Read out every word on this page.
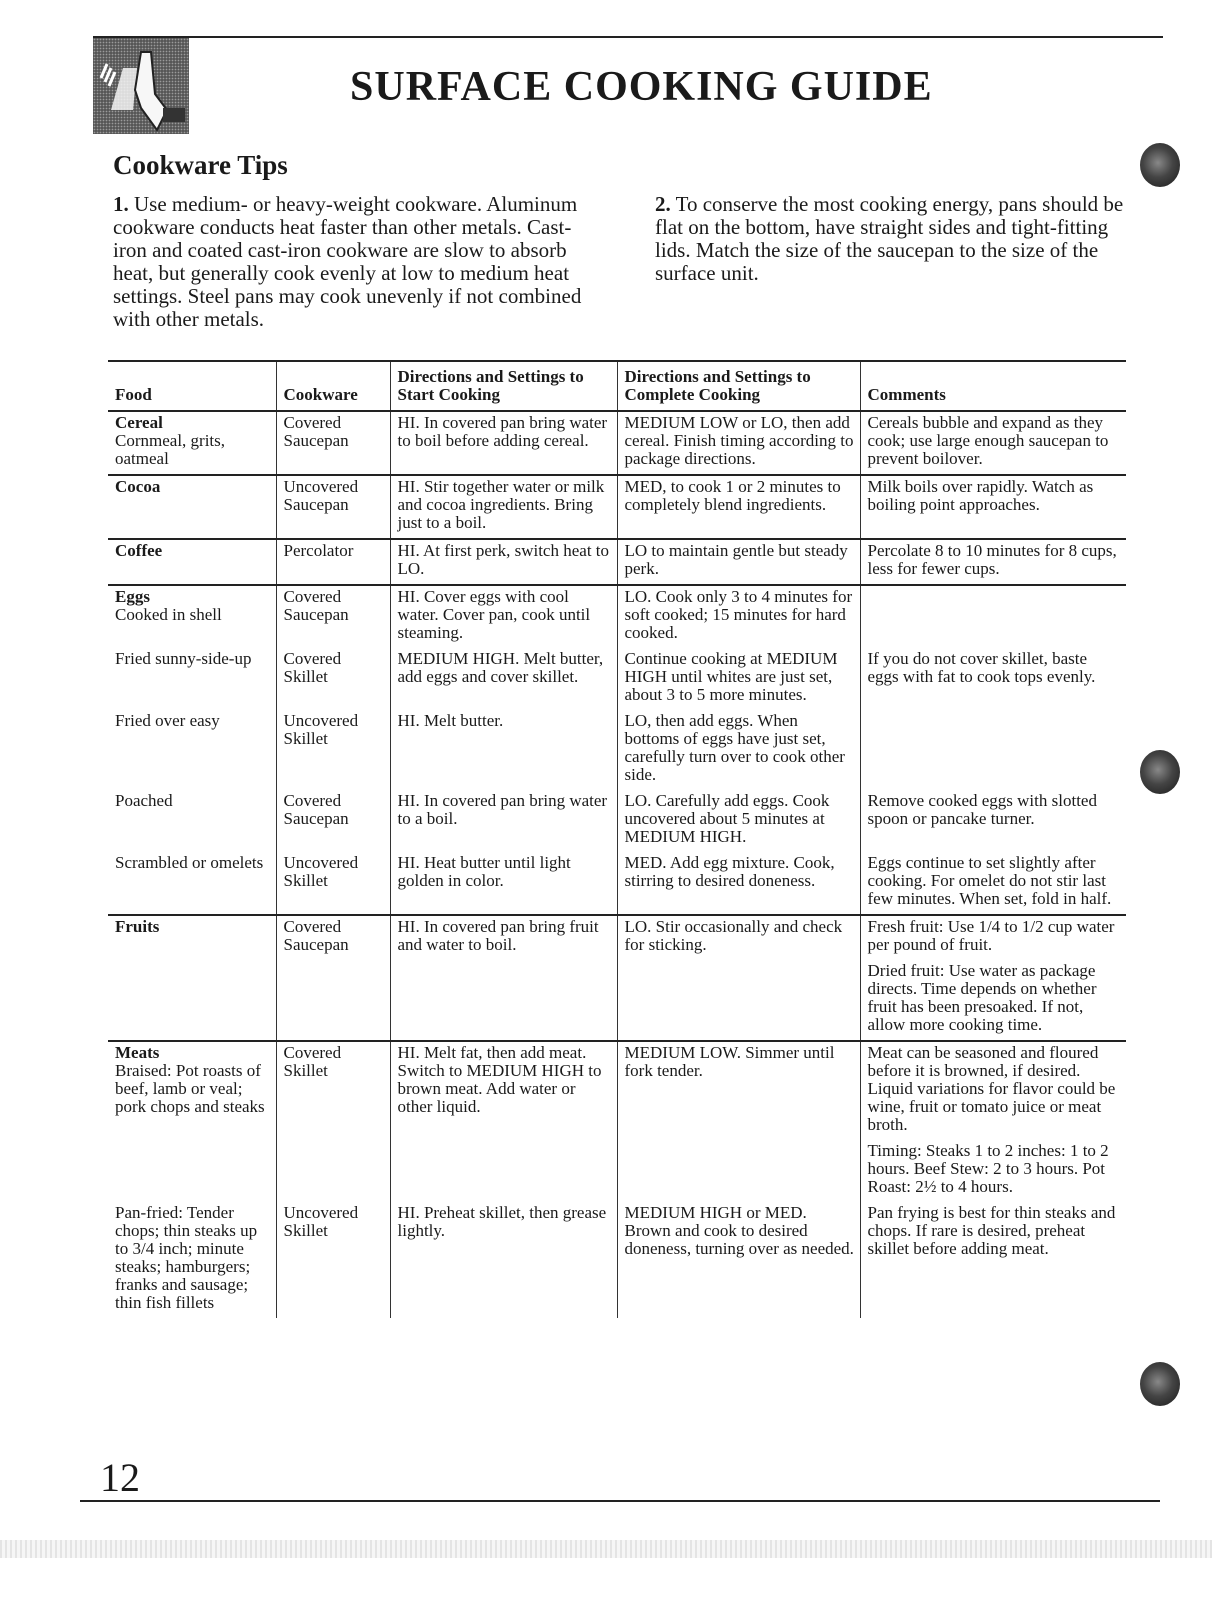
SURFACE COOKING GUIDE
Cookware Tips

1. Use medium- or heavy-weight cookware. Aluminum cookware conducts heat faster than other metals. Cast-iron and coated cast-iron cookware are slow to absorb heat, but generally cook evenly at low to medium heat settings. Steel pans may cook unevenly if not combined with other metals.

2. To conserve the most cooking energy, pans should be flat on the bottom, have straight sides and tight-fitting lids. Match the size of the saucepan to the size of the surface unit.

Food	Cookware	Directions and Settings to Start Cooking	Directions and Settings to Complete Cooking	Comments

Cereal
Cornmeal, grits, oatmeal	Covered Saucepan	HI. In covered pan bring water to boil before adding cereal.	MEDIUM LOW or LO, then add cereal. Finish timing according to package directions.	Cereals bubble and expand as they cook; use large enough saucepan to prevent boilover.

Cocoa	Uncovered Saucepan	HI. Stir together water or milk and cocoa ingredients. Bring just to a boil.	MED, to cook 1 or 2 minutes to completely blend ingredients.	Milk boils over rapidly. Watch as boiling point approaches.

Coffee	Percolator	HI. At first perk, switch heat to LO.	LO to maintain gentle but steady perk.	Percolate 8 to 10 minutes for 8 cups, less for fewer cups.

Eggs
Cooked in shell	Covered Saucepan	HI. Cover eggs with cool water. Cover pan, cook until steaming.	LO. Cook only 3 to 4 minutes for soft cooked; 15 minutes for hard cooked.	
Fried sunny-side-up	Covered Skillet	MEDIUM HIGH. Melt butter, add eggs and cover skillet.	Continue cooking at MEDIUM HIGH until whites are just set, about 3 to 5 more minutes.	If you do not cover skillet, baste eggs with fat to cook tops evenly.
Fried over easy	Uncovered Skillet	HI. Melt butter.	LO, then add eggs. When bottoms of eggs have just set, carefully turn over to cook other side.	
Poached	Covered Saucepan	HI. In covered pan bring water to a boil.	LO. Carefully add eggs. Cook uncovered about 5 minutes at MEDIUM HIGH.	Remove cooked eggs with slotted spoon or pancake turner.
Scrambled or omelets	Uncovered Skillet	HI. Heat butter until light golden in color.	MED. Add egg mixture. Cook, stirring to desired doneness.	Eggs continue to set slightly after cooking. For omelet do not stir last few minutes. When set, fold in half.

Fruits	Covered Saucepan	HI. In covered pan bring fruit and water to boil.	LO. Stir occasionally and check for sticking.	Fresh fruit: Use 1/4 to 1/2 cup water per pound of fruit.
Dried fruit: Use water as package directs. Time depends on whether fruit has been presoaked. If not, allow more cooking time.

Meats
Braised: Pot roasts of beef, lamb or veal; pork chops and steaks	Covered Skillet	HI. Melt fat, then add meat. Switch to MEDIUM HIGH to brown meat. Add water or other liquid.	MEDIUM LOW. Simmer until fork tender.	Meat can be seasoned and floured before it is browned, if desired. Liquid variations for flavor could be wine, fruit or tomato juice or meat broth.
Timing: Steaks 1 to 2 inches: 1 to 2 hours. Beef Stew: 2 to 3 hours. Pot Roast: 2½ to 4 hours.

Pan-fried: Tender chops; thin steaks up to 3/4 inch; minute steaks; hamburgers; franks and sausage; thin fish fillets	Uncovered Skillet	HI. Preheat skillet, then grease lightly.	MEDIUM HIGH or MED. Brown and cook to desired doneness, turning over as needed.	Pan frying is best for thin steaks and chops. If rare is desired, preheat skillet before adding meat.
12
